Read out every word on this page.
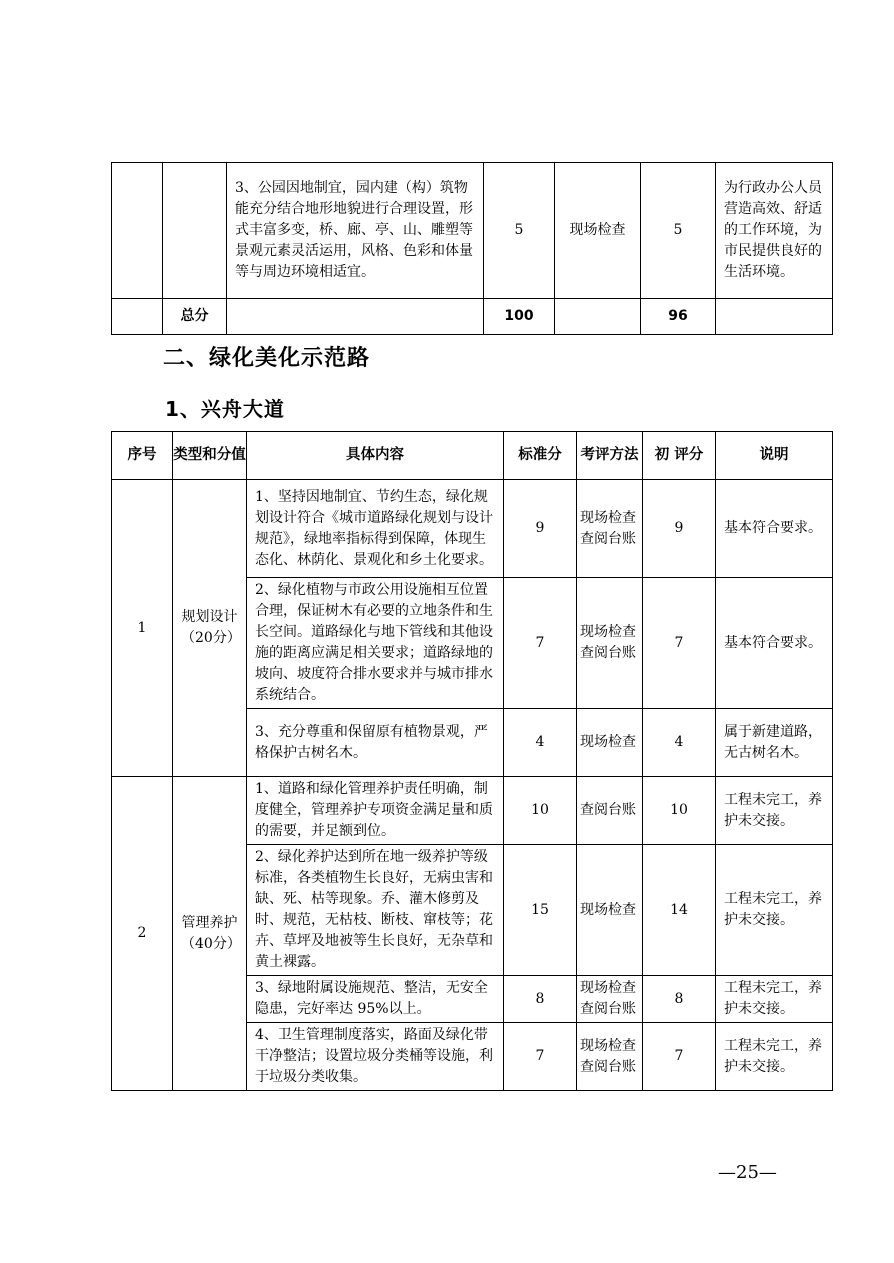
		3、公园因地制宜，园内建（构）筑物能充分结合地形地貌进行合理设置，形式丰富多变，桥、廊、亭、山、雕塑等景观元素灵活运用，风格、色彩和体量等与周边环境相适宜。	5	现场检查	5	为行政办公人员营造高效、舒适的工作环境，为市民提供良好的生活环境。
	总分		100		96	
二、绿化美化示范路
1、兴舟大道
序号	类型和分值	具体内容	标准分	考评方法	初 评分	说明
1	规划设计（20分）	1、坚持因地制宜、节约生态，绿化规划设计符合《城市道路绿化规划与设计规范》，绿地率指标得到保障，体现生态化、林荫化、景观化和乡土化要求。	9	现场检查查阅台账	9	基本符合要求。
		2、绿化植物与市政公用设施相互位置合理，保证树木有必要的立地条件和生长空间。道路绿化与地下管线和其他设施的距离应满足相关要求；道路绿地的坡向、坡度符合排水要求并与城市排水系统结合。	7	现场检查查阅台账	7	基本符合要求。
		3、充分尊重和保留原有植物景观，严格保护古树名木。	4	现场检查	4	属于新建道路，无古树名木。
2	管理养护（40分）	1、道路和绿化管理养护责任明确，制度健全，管理养护专项资金满足量和质的需要，并足额到位。	10	查阅台账	10	工程未完工，养护未交接。
		2、绿化养护达到所在地一级养护等级标准，各类植物生长良好，无病虫害和缺、死、枯等现象。乔、灌木修剪及时、规范，无枯枝、断枝、窜枝等；花卉、草坪及地被等生长良好，无杂草和黄土裸露。	15	现场检查	14	工程未完工，养护未交接。
		3、绿地附属设施规范、整洁，无安全隐患，完好率达 95%以上。	8	现场检查查阅台账	8	工程未完工，养护未交接。
		4、卫生管理制度落实，路面及绿化带干净整洁；设置垃圾分类桶等设施，利于垃圾分类收集。	7	现场检查查阅台账	7	工程未完工，养护未交接。
—25—
